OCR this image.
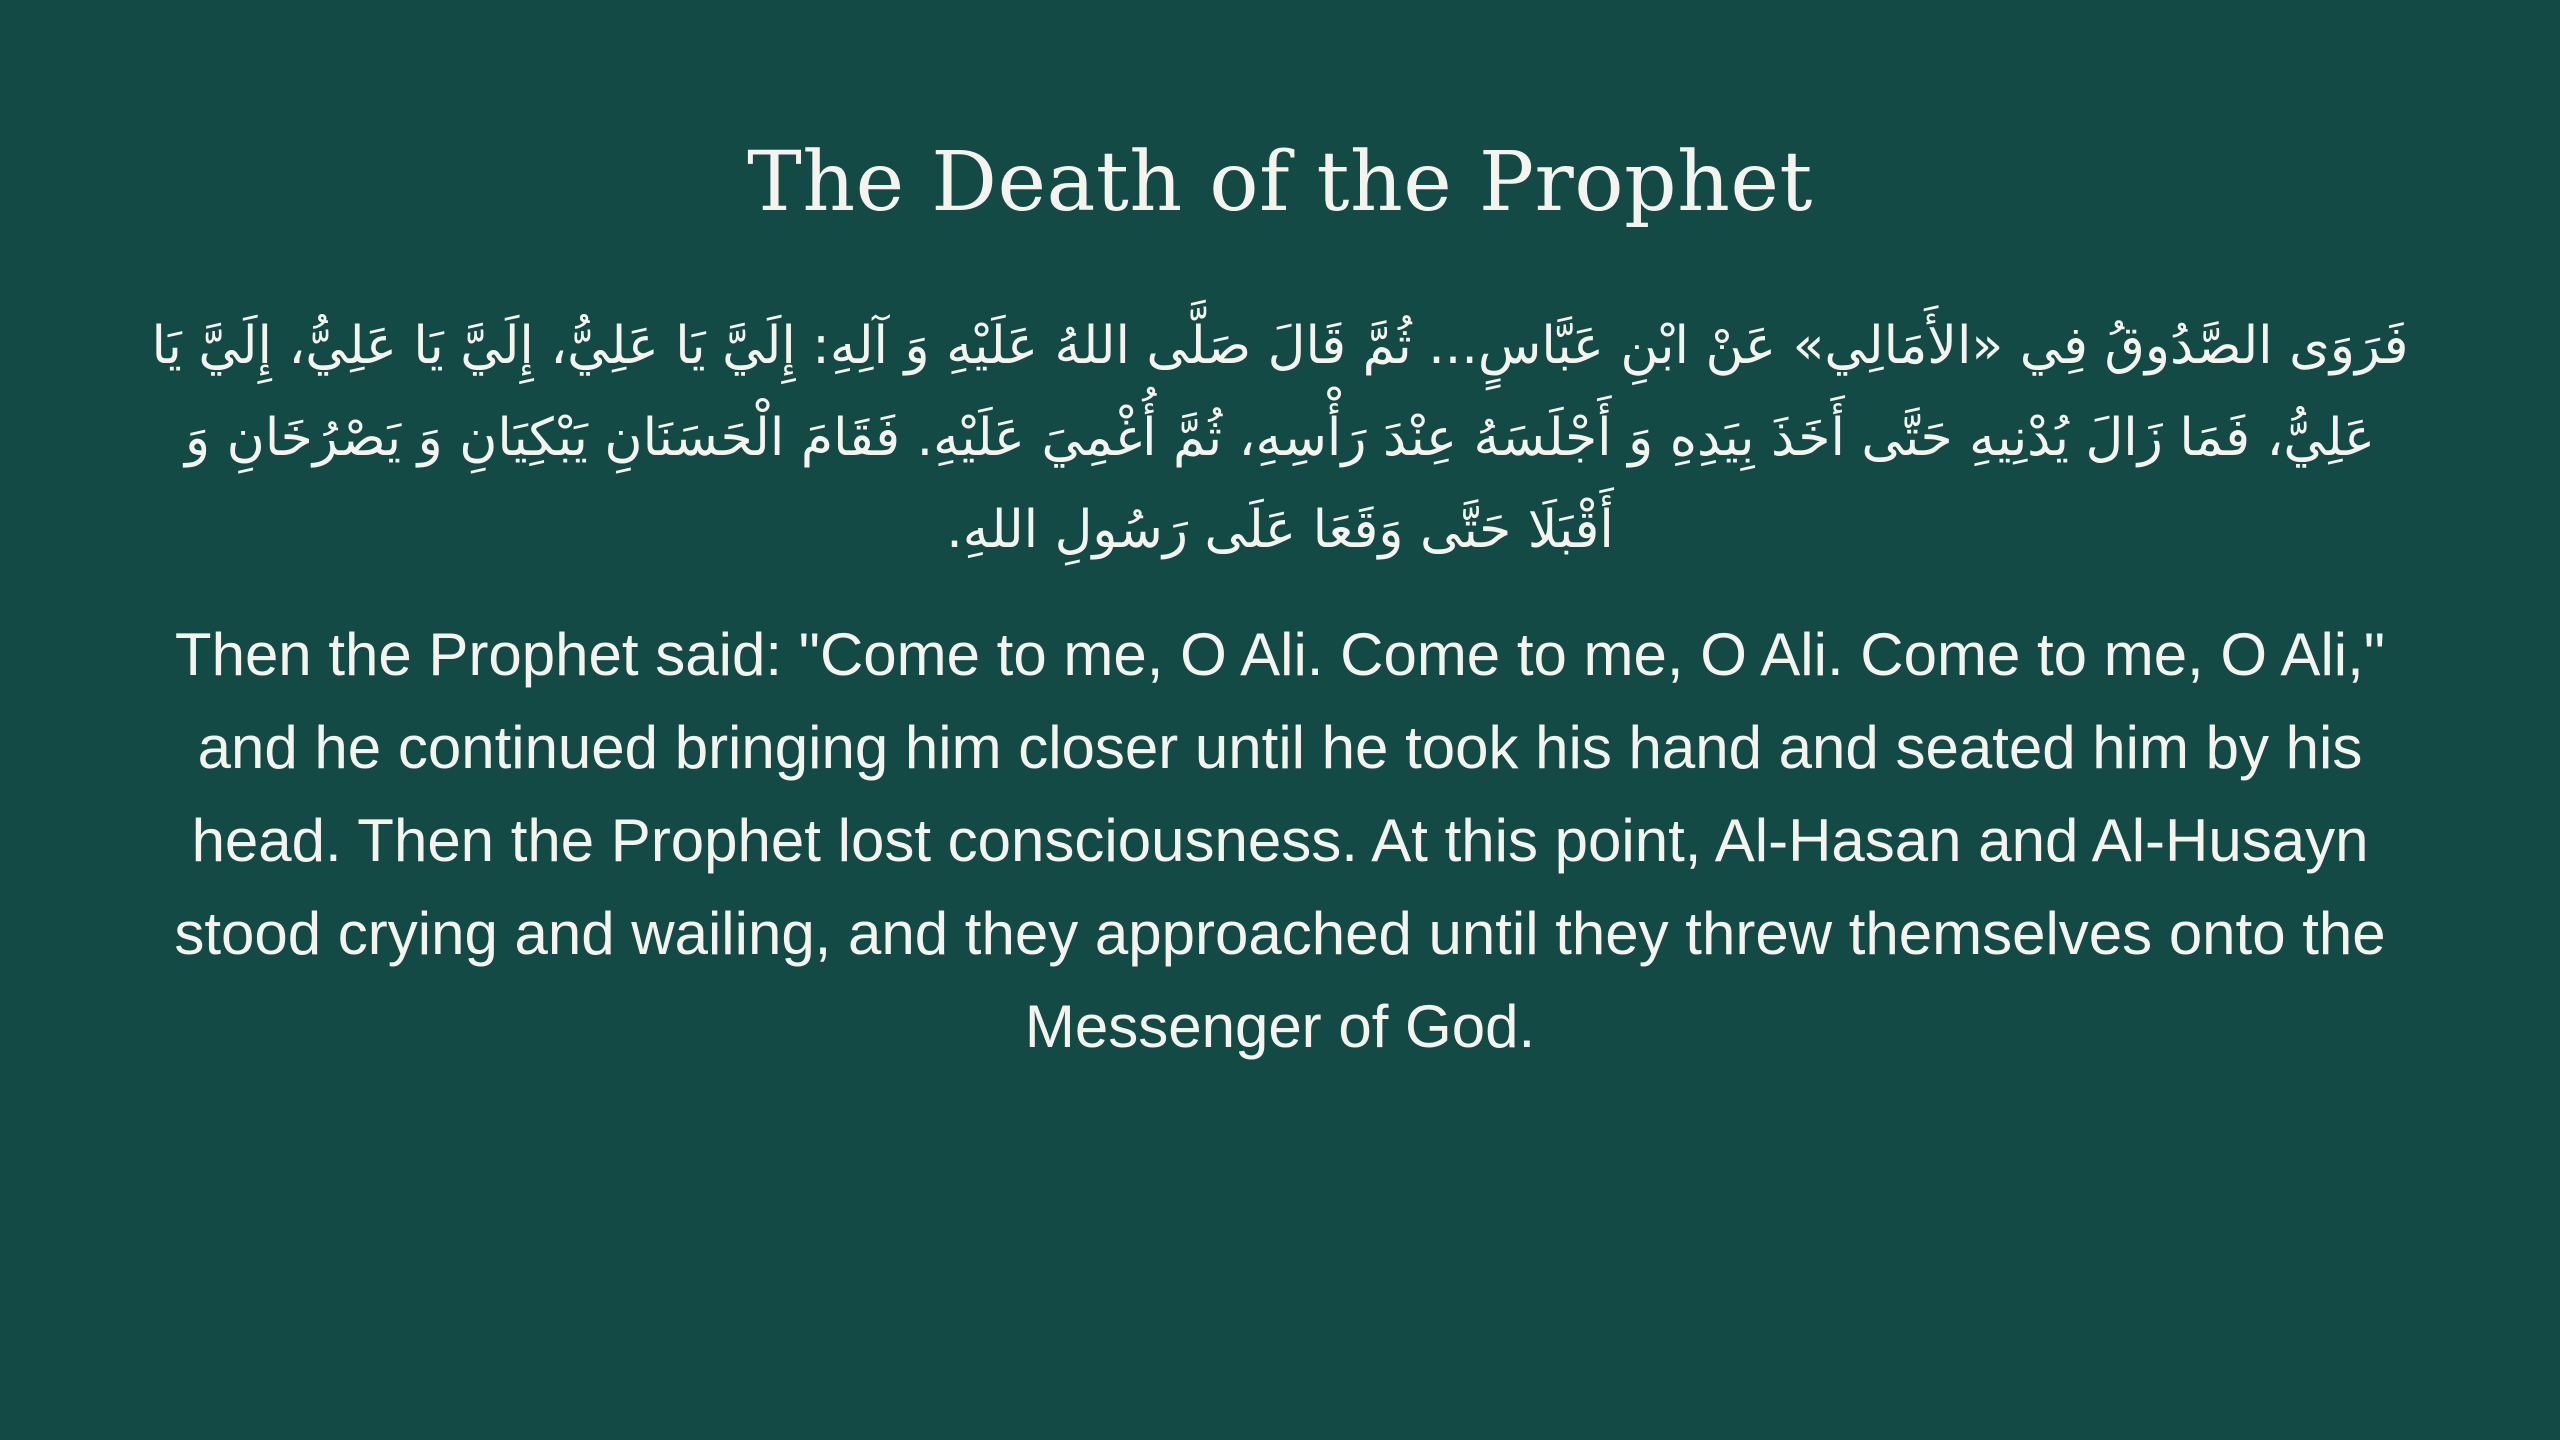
The Death of the Prophet
فَرَوَى الصَّدُوقُ فِي «الأَمَالِي» عَنْ ابْنِ عَبَّاسٍ... ثُمَّ قَالَ صَلَّى اللهُ عَلَيْهِ وَ آلِهِ: إِلَيَّ يَا عَلِيُّ، إِلَيَّ يَا عَلِيُّ، إِلَيَّ يَا عَلِيُّ، فَمَا زَالَ يُدْنِيهِ حَتَّى أَخَذَ بِيَدِهِ وَ أَجْلَسَهُ عِنْدَ رَأْسِهِ، ثُمَّ أُغْمِيَ عَلَيْهِ. فَقَامَ الْحَسَنَانِ يَبْكِيَانِ وَ يَصْرُخَانِ وَ أَقْبَلَا حَتَّى وَقَعَا عَلَى رَسُولِ اللهِ.
Then the Prophet said: "Come to me, O Ali. Come to me, O Ali. Come to me, O Ali," and he continued bringing him closer until he took his hand and seated him by his head. Then the Prophet lost consciousness. At this point, Al-Hasan and Al-Husayn stood crying and wailing, and they approached until they threw themselves onto the Messenger of God.
